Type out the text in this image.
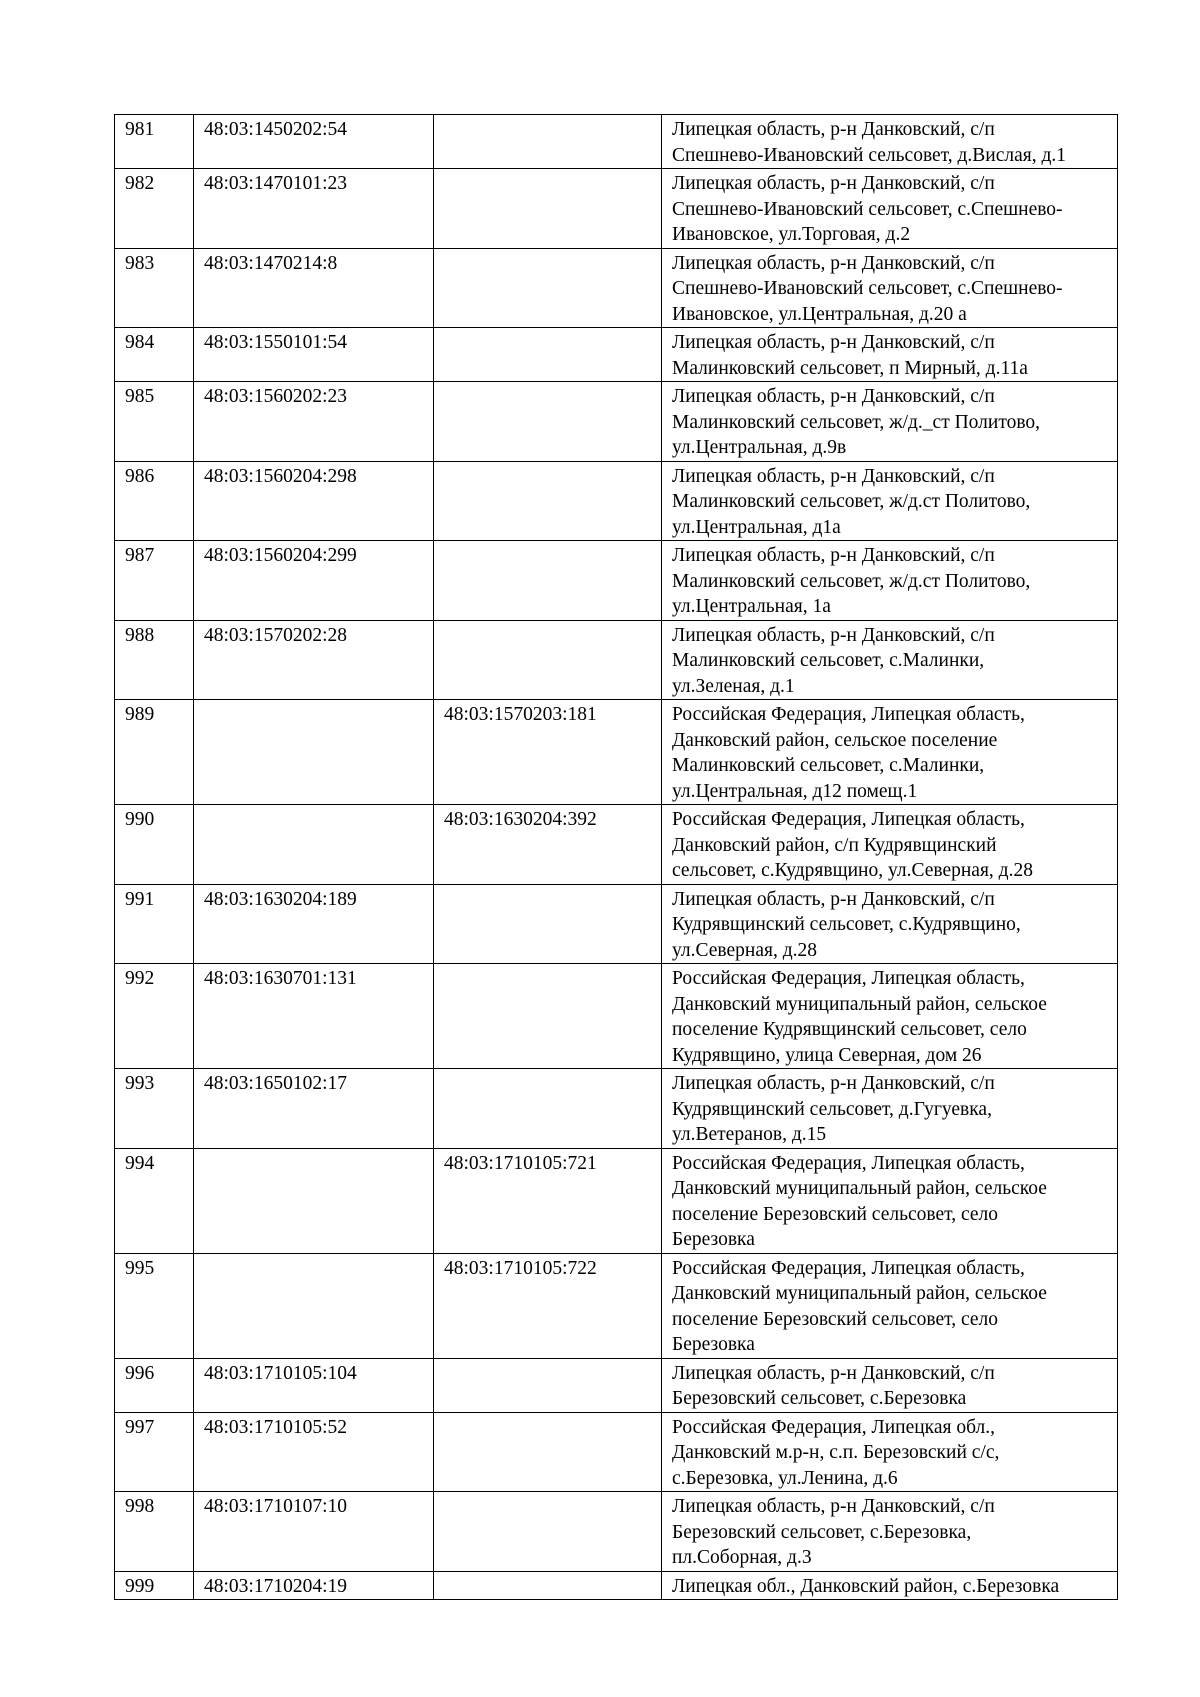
981	48:03:1450202:54		Липецкая область, р-н Данковский, с/п
Спешнево-Ивановский сельсовет, д.Вислая, д.1

982	48:03:1470101:23		Липецкая область, р-н Данковский, с/п
Спешнево-Ивановский сельсовет, с.Спешнево-
Ивановское, ул.Торговая, д.2

983	48:03:1470214:8		Липецкая область, р-н Данковский, с/п
Спешнево-Ивановский сельсовет, с.Спешнево-
Ивановское, ул.Центральная, д.20 а

984	48:03:1550101:54		Липецкая область, р-н Данковский, с/п
Малинковский сельсовет, п Мирный, д.11а

985	48:03:1560202:23		Липецкая область, р-н Данковский, с/п
Малинковский сельсовет, ж/д._ст Политово,
ул.Центральная, д.9в

986	48:03:1560204:298		Липецкая область, р-н Данковский, с/п
Малинковский сельсовет, ж/д.ст Политово,
ул.Центральная, д1а

987	48:03:1560204:299		Липецкая область, р-н Данковский, с/п
Малинковский сельсовет, ж/д.ст Политово,
ул.Центральная, 1а

988	48:03:1570202:28		Липецкая область, р-н Данковский, с/п
Малинковский сельсовет, с.Малинки,
ул.Зеленая, д.1

989		48:03:1570203:181	Российская Федерация, Липецкая область,
Данковский район, сельское поселение
Малинковский сельсовет, с.Малинки,
ул.Центральная, д12 помещ.1

990		48:03:1630204:392	Российская Федерация, Липецкая область,
Данковский район, с/п Кудрявщинский
сельсовет, с.Кудрявщино, ул.Северная, д.28

991	48:03:1630204:189		Липецкая область, р-н Данковский, с/п
Кудрявщинский сельсовет, с.Кудрявщино,
ул.Северная, д.28

992	48:03:1630701:131		Российская Федерация, Липецкая область,
Данковский муниципальный район, сельское
поселение Кудрявщинский сельсовет, село
Кудрявщино, улица Северная, дом 26

993	48:03:1650102:17		Липецкая область, р-н Данковский, с/п
Кудрявщинский сельсовет, д.Гугуевка,
ул.Ветеранов, д.15

994		48:03:1710105:721	Российская Федерация, Липецкая область,
Данковский муниципальный район, сельское
поселение Березовский сельсовет, село
Березовка

995		48:03:1710105:722	Российская Федерация, Липецкая область,
Данковский муниципальный район, сельское
поселение Березовский сельсовет, село
Березовка

996	48:03:1710105:104		Липецкая область, р-н Данковский, с/п
Березовский сельсовет, с.Березовка

997	48:03:1710105:52		Российская Федерация, Липецкая обл.,
Данковский м.р-н, с.п. Березовский с/с,
с.Березовка, ул.Ленина, д.6

998	48:03:1710107:10		Липецкая область, р-н Данковский, с/п
Березовский сельсовет, с.Березовка,
пл.Соборная, д.3

999	48:03:1710204:19		Липецкая обл., Данковский район, с.Березовка
